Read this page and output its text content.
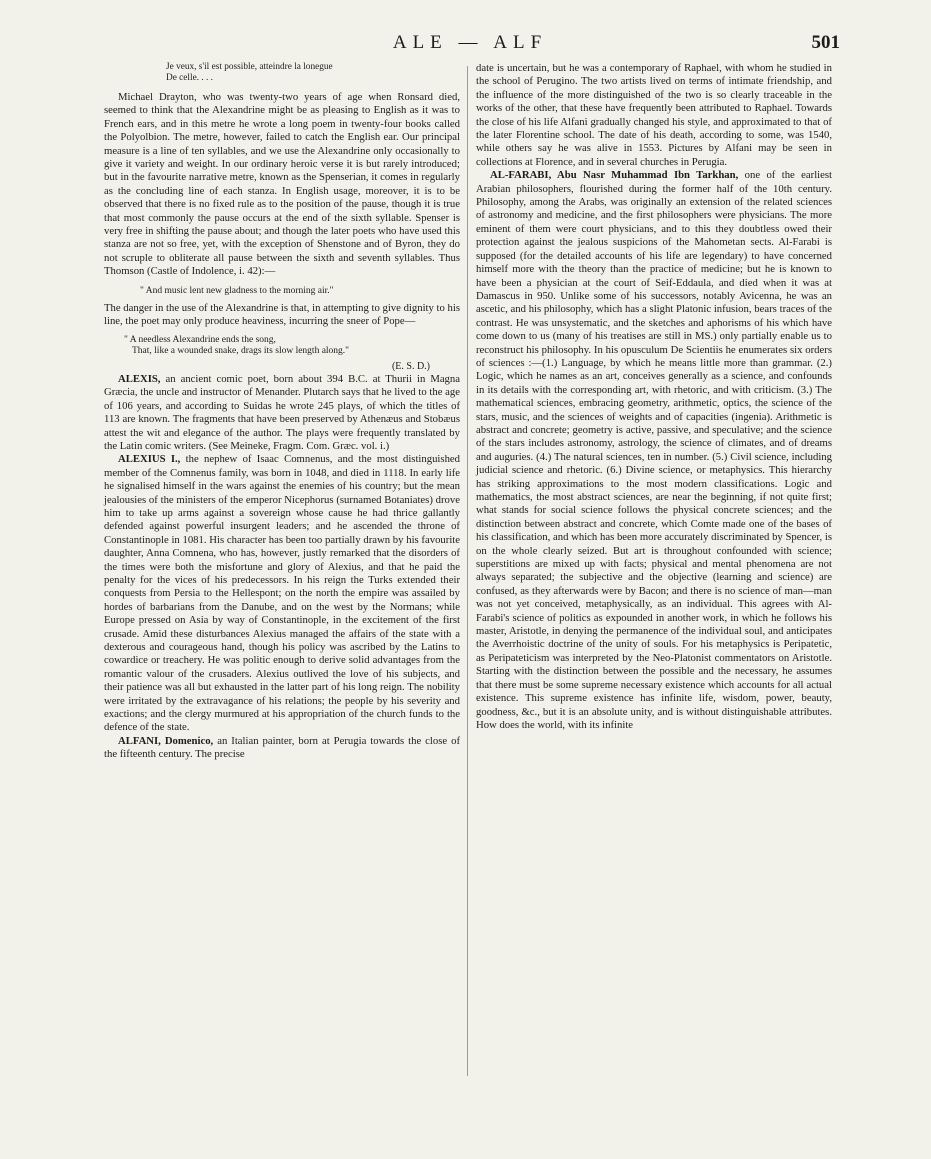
ALE — ALF	501
Je veux, s'il est possible, atteindre la lonegue
De celle. . . .

Michael Drayton, who was twenty-two years of age when Ronsard died, seemed to think that the Alexandrine might be as pleasing to English as it was to French ears, and in this metre he wrote a long poem in twenty-four books called the Polyolbion. The metre, however, failed to catch the English ear. Our principal measure is a line of ten syllables, and we use the Alexandrine only occasionally to give it variety and weight. In our ordinary heroic verse it is but rarely introduced; but in the favourite narrative metre, known as the Spenserian, it comes in regularly as the concluding line of each stanza. In English usage, moreover, it is to be observed that there is no fixed rule as to the position of the pause, though it is true that most commonly the pause occurs at the end of the sixth syllable. Spenser is very free in shifting the pause about; and though the later poets who have used this stanza are not so free, yet, with the exception of Shenstone and of Byron, they do not scruple to obliterate all pause between the sixth and seventh syllables. Thus Thomson (Castle of Indolence, i. 42):—

" And music lent new gladness to the morning air."

The danger in the use of the Alexandrine is that, in attempting to give dignity to his line, the poet may only produce heaviness, incurring the sneer of Pope—

" A needless Alexandrine ends the song,
That, like a wounded snake, drags its slow length along."

(E. S. D.)

ALEXIS, an ancient comic poet, born about 394 B.C. at Thurii in Magna Græcia, the uncle and instructor of Menander. Plutarch says that he lived to the age of 106 years, and according to Suidas he wrote 245 plays, of which the titles of 113 are known. The fragments that have been preserved by Athenæus and Stobæus attest the wit and elegance of the author. The plays were frequently translated by the Latin comic writers. (See Meineke, Fragm. Com. Græc. vol. i.)

ALEXIUS I., the nephew of Isaac Comnenus, and the most distinguished member of the Comnenus family, was born in 1048, and died in 1118. In early life he signalised himself in the wars against the enemies of his country; but the mean jealousies of the ministers of the emperor Nicephorus (surnamed Botaniates) drove him to take up arms against a sovereign whose cause he had thrice gallantly defended against powerful insurgent leaders; and he ascended the throne of Constantinople in 1081. His character has been too partially drawn by his favourite daughter, Anna Comnena, who has, however, justly remarked that the disorders of the times were both the misfortune and glory of Alexius, and that he paid the penalty for the vices of his predecessors. In his reign the Turks extended their conquests from Persia to the Hellespont; on the north the empire was assailed by hordes of barbarians from the Danube, and on the west by the Normans; while Europe pressed on Asia by way of Constantinople, in the excitement of the first crusade. Amid these disturbances Alexius managed the affairs of the state with a dexterous and courageous hand, though his policy was ascribed by the Latins to cowardice or treachery. He was politic enough to derive solid advantages from the romantic valour of the crusaders. Alexius outlived the love of his subjects, and their patience was all but exhausted in the latter part of his long reign. The nobility were irritated by the extravagance of his relations; the people by his severity and exactions; and the clergy murmured at his appropriation of the church funds to the defence of the state.

ALFANI, Domenico, an Italian painter, born at Perugia towards the close of the fifteenth century. The precise

date is uncertain, but he was a contemporary of Raphael, with whom he studied in the school of Perugino. The two artists lived on terms of intimate friendship, and the influence of the more distinguished of the two is so clearly traceable in the works of the other, that these have frequently been attributed to Raphael. Towards the close of his life Alfani gradually changed his style, and approximated to that of the later Florentine school. The date of his death, according to some, was 1540, while others say he was alive in 1553. Pictures by Alfani may be seen in collections at Florence, and in several churches in Perugia.

AL-FARABI, Abu Nasr Muhammad Ibn Tarkhan, one of the earliest Arabian philosophers, flourished during the former half of the 10th century. Philosophy, among the Arabs, was originally an extension of the related sciences of astronomy and medicine, and the first philosophers were physicians. The more eminent of them were court physicians, and to this they doubtless owed their protection against the jealous suspicions of the Mahometan sects. Al-Farabi is supposed (for the detailed accounts of his life are legendary) to have concerned himself more with the theory than the practice of medicine; but he is known to have been a physician at the court of Seif-Eddaula, and died when it was at Damascus in 950. Unlike some of his successors, notably Avicenna, he was an ascetic, and his philosophy, which has a slight Platonic infusion, bears traces of the contrast. He was unsystematic, and the sketches and aphorisms of his which have come down to us (many of his treatises are still in MS.) only partially enable us to reconstruct his philosophy. In his opusculum De Scientiis he enumerates six orders of sciences :—(1.) Language, by which he means little more than grammar. (2.) Logic, which he names as an art, conceives generally as a science, and confounds in its details with the corresponding art, with rhetoric, and with criticism. (3.) The mathematical sciences, embracing geometry, arithmetic, optics, the science of the stars, music, and the sciences of weights and of capacities (ingenia). Arithmetic is abstract and concrete; geometry is active, passive, and speculative; and the science of the stars includes astronomy, astrology, the science of climates, and of dreams and auguries. (4.) The natural sciences, ten in number. (5.) Civil science, including judicial science and rhetoric. (6.) Divine science, or metaphysics. This hierarchy has striking approximations to the most modern classifications. Logic and mathematics, the most abstract sciences, are near the beginning, if not quite first; what stands for social science follows the physical concrete sciences; and the distinction between abstract and concrete, which Comte made one of the bases of his classification, and which has been more accurately discriminated by Spencer, is on the whole clearly seized. But art is throughout confounded with science; superstitions are mixed up with facts; physical and mental phenomena are not always separated; the subjective and the objective (learning and science) are confused, as they afterwards were by Bacon; and there is no science of man—man was not yet conceived, metaphysically, as an individual. This agrees with Al-Farabi's science of politics as expounded in another work, in which he follows his master, Aristotle, in denying the permanence of the individual soul, and anticipates the Averrhoistic doctrine of the unity of souls. For his metaphysics is Peripatetic, as Peripateticism was interpreted by the Neo-Platonist commentators on Aristotle. Starting with the distinction between the possible and the necessary, he assumes that there must be some supreme necessary existence which accounts for all actual existence. This supreme existence has infinite life, wisdom, power, beauty, goodness, &c., but it is an absolute unity, and is without distinguishable attributes. How does the world, with its infinite
